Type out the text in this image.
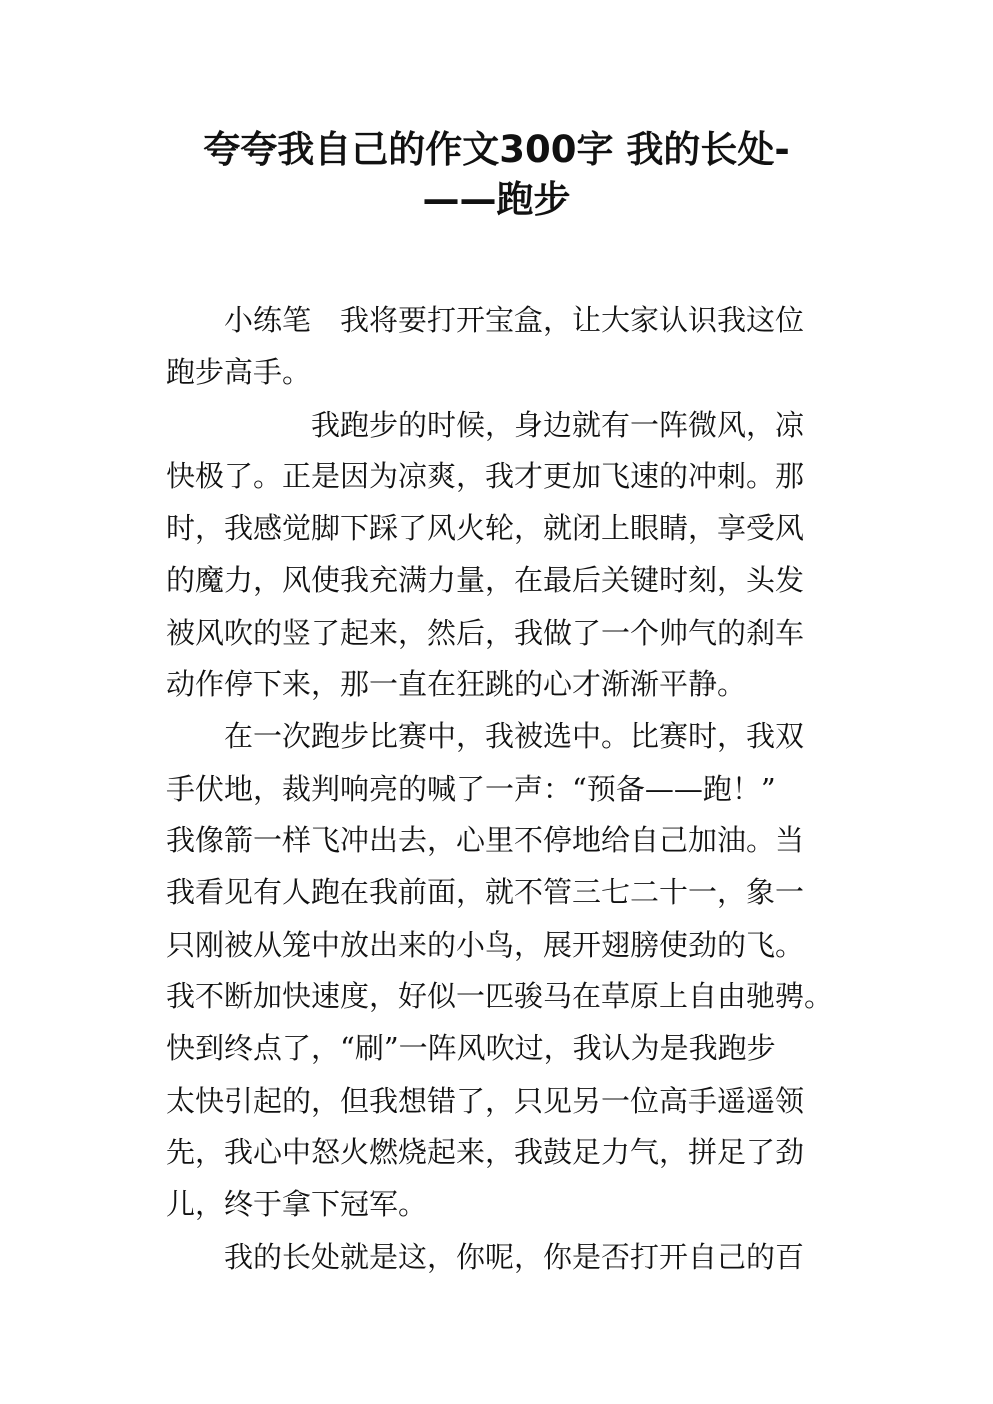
夸夸我自己的作文300字 我的长处-
——跑步

　　小练笔　我将要打开宝盒，让大家认识我这位

跑步高手。

　　　　　我跑步的时候，身边就有一阵微风，凉

快极了。正是因为凉爽，我才更加飞速的冲刺。那

时，我感觉脚下踩了风火轮，就闭上眼睛，享受风

的魔力，风使我充满力量，在最后关键时刻，头发

被风吹的竖了起来，然后，我做了一个帅气的刹车

动作停下来，那一直在狂跳的心才渐渐平静。

　　在一次跑步比赛中，我被选中。比赛时，我双

手伏地，裁判响亮的喊了一声：“预备——跑！”

我像箭一样飞冲出去，心里不停地给自己加油。当

我看见有人跑在我前面，就不管三七二十一，象一

只刚被从笼中放出来的小鸟，展开翅膀使劲的飞。

我不断加快速度，好似一匹骏马在草原上自由驰骋。

快到终点了，“刷”一阵风吹过，我认为是我跑步

太快引起的，但我想错了，只见另一位高手遥遥领

先，我心中怒火燃烧起来，我鼓足力气，拼足了劲

儿，终于拿下冠军。

　　我的长处就是这，你呢，你是否打开自己的百
